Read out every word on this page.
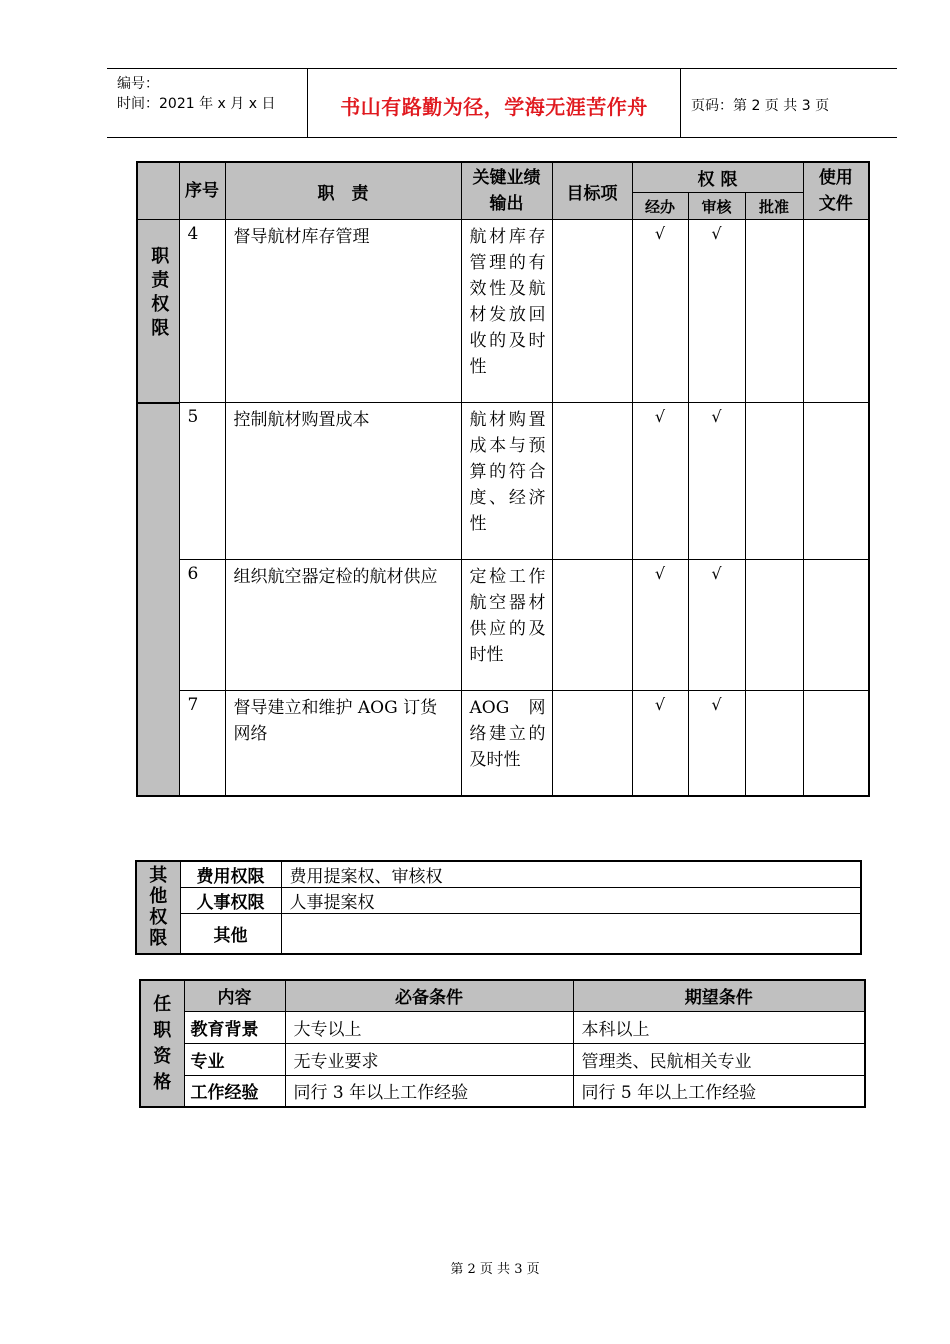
编号：
时间：2021 年 x 月 x 日	书山有路勤为径，学海无涯苦作舟	页码：第 2 页 共 3 页
	序号	职　责	关键业绩输出	目标项	权 限			使用文件
					经办	审核	批准	
职责权限	4	督导航材库存管理	航材库存管理的有效性及航材发放回收的及时性		√	√		
	5	控制航材购置成本	航材购置成本与预算的符合度、经济性		√	√		
	6	组织航空器定检的航材供应	定检工作航空器材供应的及时性		√	√		
	7	督导建立和维护 AOG 订货网络	AOG 网络建立的及时性		√	√		
其他权限	费用权限	费用提案权、审核权
	人事权限	人事提案权
	其他	
任职资格	内容	必备条件	期望条件
	教育背景	大专以上	本科以上
	专业	无专业要求	管理类、民航相关专业
	工作经验	同行 3 年以上工作经验	同行 5 年以上工作经验
第 2 页 共 3 页
